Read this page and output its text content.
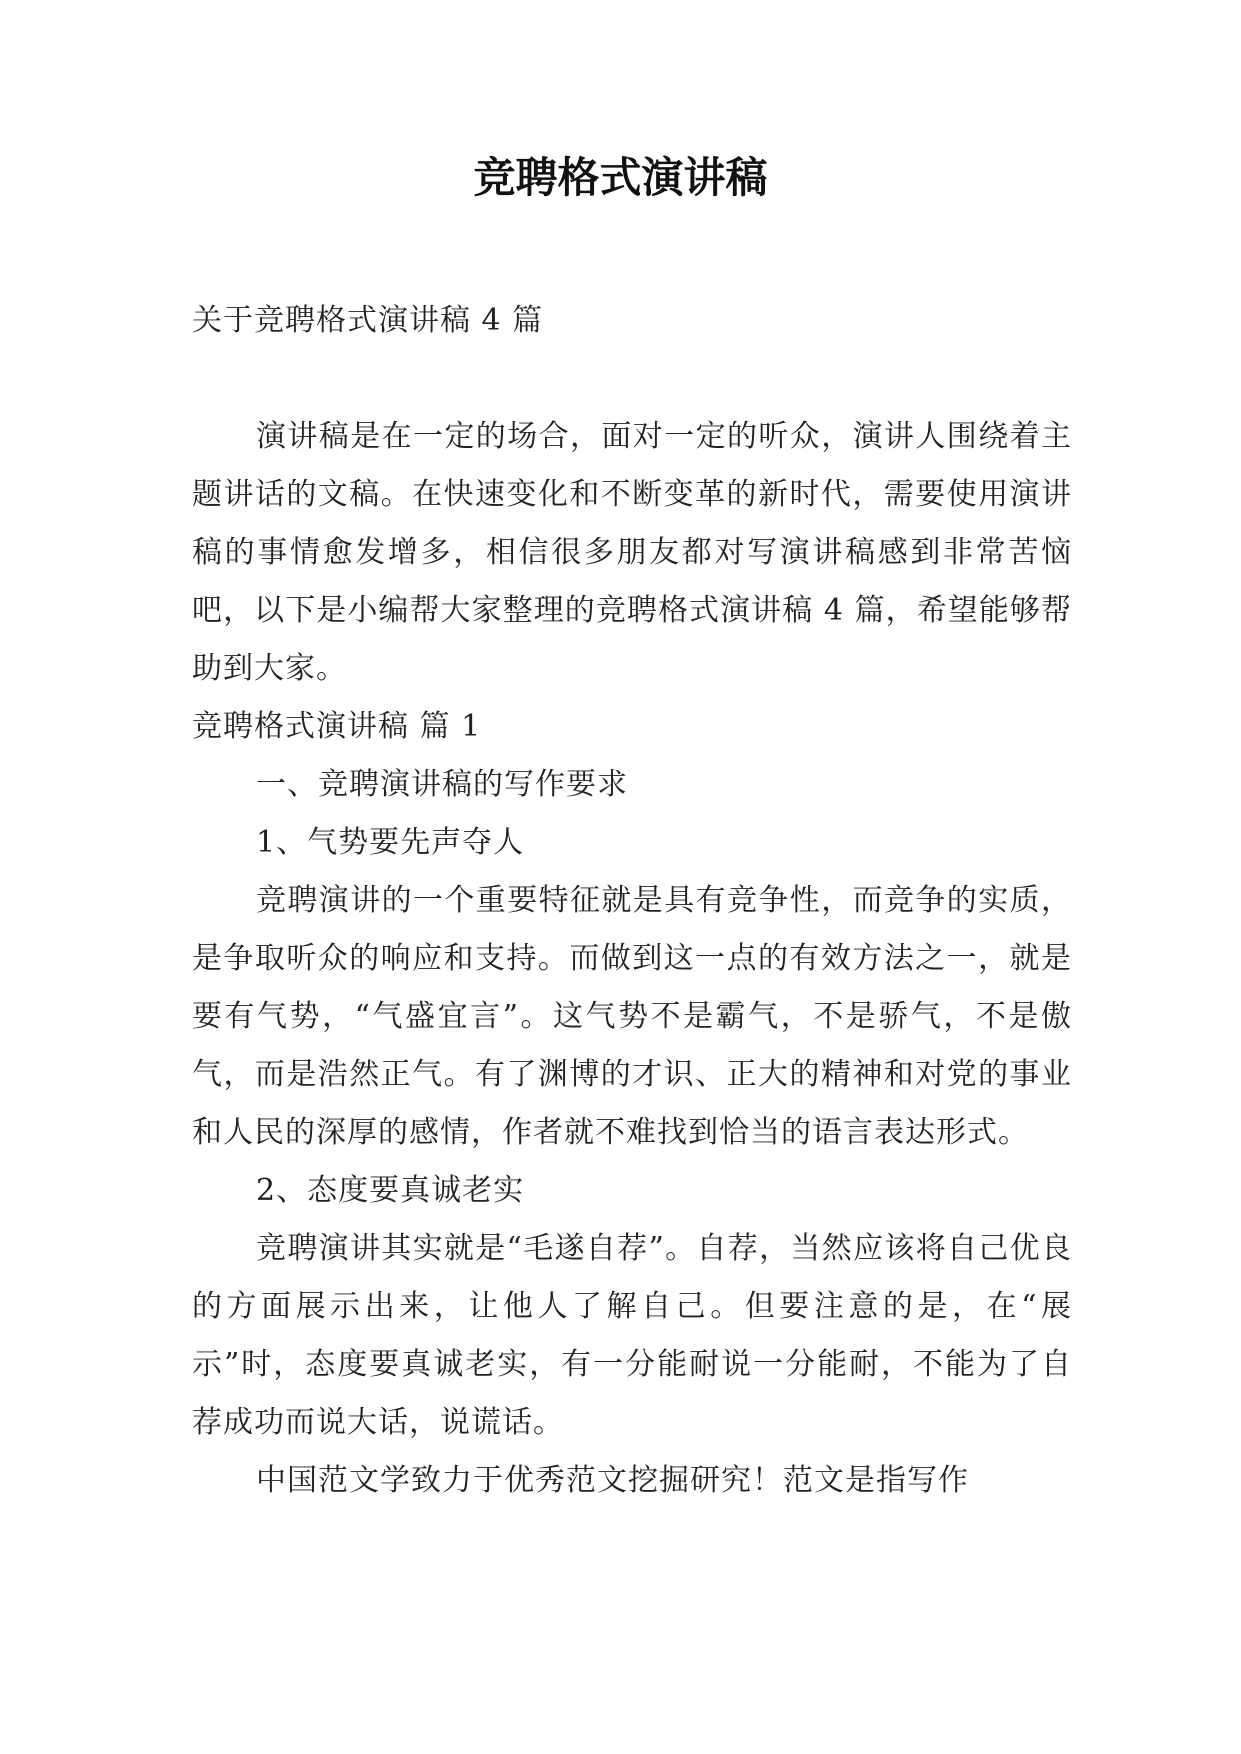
竞聘格式演讲稿

关于竞聘格式演讲稿 4 篇

演讲稿是在一定的场合，面对一定的听众，演讲人围绕着主题讲话的文稿。在快速变化和不断变革的新时代，需要使用演讲稿的事情愈发增多，相信很多朋友都对写演讲稿感到非常苦恼吧，以下是小编帮大家整理的竞聘格式演讲稿 4 篇，希望能够帮助到大家。

竞聘格式演讲稿 篇 1

一、竞聘演讲稿的写作要求

1、气势要先声夺人

竞聘演讲的一个重要特征就是具有竞争性，而竞争的实质，是争取听众的响应和支持。而做到这一点的有效方法之一，就是要有气势，“气盛宜言”。这气势不是霸气，不是骄气，不是傲气，而是浩然正气。有了渊博的才识、正大的精神和对党的事业和人民的深厚的感情，作者就不难找到恰当的语言表达形式。

2、态度要真诚老实

竞聘演讲其实就是“毛遂自荐”。自荐，当然应该将自己优良的方面展示出来，让他人了解自己。但要注意的是，在“展示”时，态度要真诚老实，有一分能耐说一分能耐，不能为了自荐成功而说大话，说谎话。

中国范文学致力于优秀范文挖掘研究！范文是指写作
